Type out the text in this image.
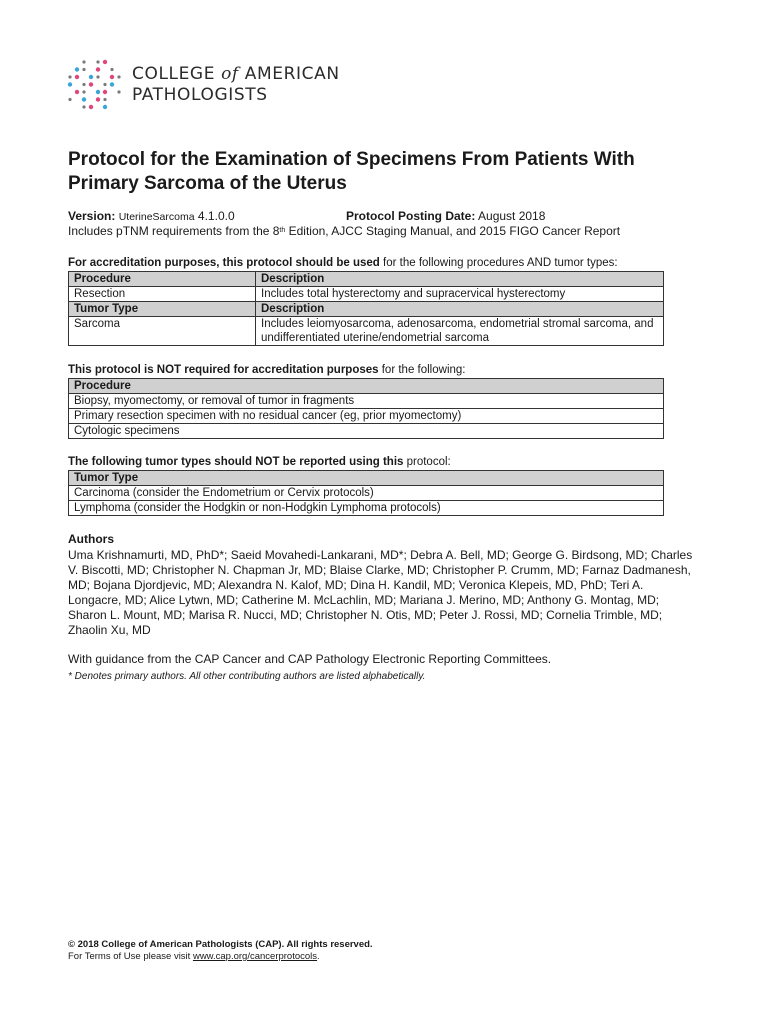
COLLEGE of AMERICAN
PATHOLOGISTS
Protocol for the Examination of Specimens From Patients With Primary Sarcoma of the Uterus
Version: UterineSarcoma 4.1.0.0	Protocol Posting Date: August 2018
Includes pTNM requirements from the 8th Edition, AJCC Staging Manual, and 2015 FIGO Cancer Report
For accreditation purposes, this protocol should be used for the following procedures AND tumor types:
Procedure	Description
Resection	Includes total hysterectomy and supracervical hysterectomy
Tumor Type	Description
Sarcoma	Includes leiomyosarcoma, adenosarcoma, endometrial stromal sarcoma, and undifferentiated uterine/endometrial sarcoma
This protocol is NOT required for accreditation purposes for the following:
Procedure
Biopsy, myomectomy, or removal of tumor in fragments
Primary resection specimen with no residual cancer (eg, prior myomectomy)
Cytologic specimens
The following tumor types should NOT be reported using this protocol:
Tumor Type
Carcinoma (consider the Endometrium or Cervix protocols)
Lymphoma (consider the Hodgkin or non-Hodgkin Lymphoma protocols)
Authors
Uma Krishnamurti, MD, PhD*; Saeid Movahedi-Lankarani, MD*; Debra A. Bell, MD; George G. Birdsong, MD; Charles V. Biscotti, MD; Christopher N. Chapman Jr, MD; Blaise Clarke, MD; Christopher P. Crumm, MD; Farnaz Dadmanesh, MD; Bojana Djordjevic, MD; Alexandra N. Kalof, MD; Dina H. Kandil, MD; Veronica Klepeis, MD, PhD; Teri A. Longacre, MD; Alice Lytwn, MD; Catherine M. McLachlin, MD; Mariana J. Merino, MD; Anthony G. Montag, MD; Sharon L. Mount, MD; Marisa R. Nucci, MD; Christopher N. Otis, MD; Peter J. Rossi, MD; Cornelia Trimble, MD; Zhaolin Xu, MD
With guidance from the CAP Cancer and CAP Pathology Electronic Reporting Committees.
* Denotes primary authors. All other contributing authors are listed alphabetically.
© 2018 College of American Pathologists (CAP). All rights reserved.
For Terms of Use please visit www.cap.org/cancerprotocols.
